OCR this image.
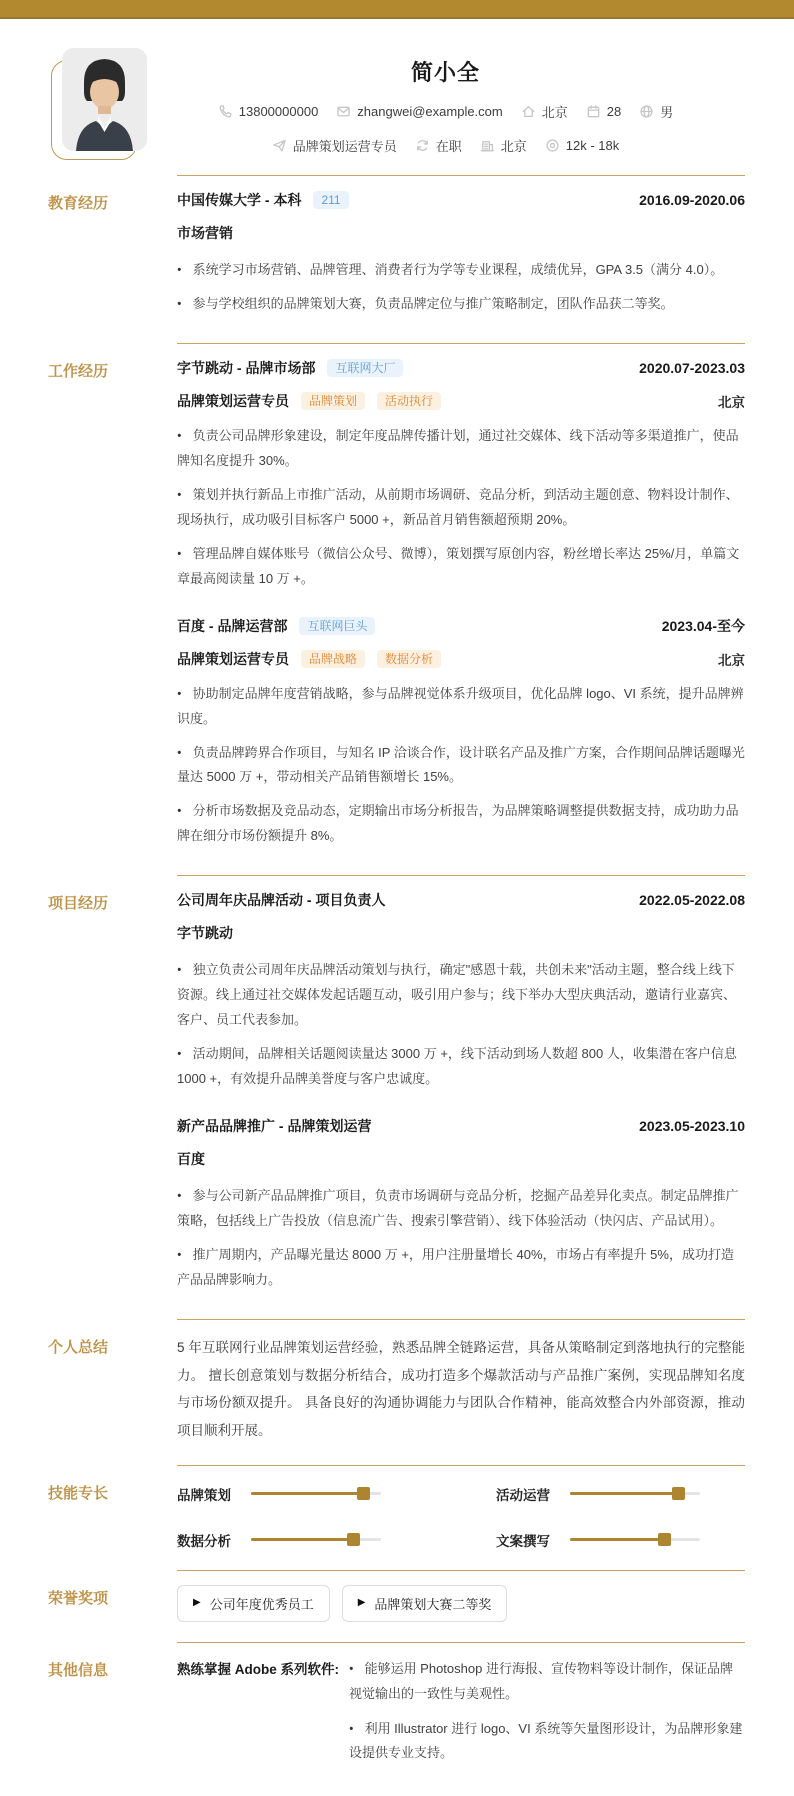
简小全
13800000000	zhangwei@example.com	北京	28	男
品牌策划运营专员	在职	北京	12k - 18k
教育经历	中国传媒大学 - 本科	211	2016.09-2020.06
市场营销
• 系统学习市场营销、品牌管理、消费者行为学等专业课程，成绩优异，GPA 3.5（满分 4.0）。
• 参与学校组织的品牌策划大赛，负责品牌定位与推广策略制定，团队作品获二等奖。
工作经历	字节跳动 - 品牌市场部	互联网大厂	2020.07-2023.03
品牌策划运营专员	品牌策划	活动执行	北京
• 负责公司品牌形象建设，制定年度品牌传播计划，通过社交媒体、线下活动等多渠道推广，使品牌知名度提升 30%。
• 策划并执行新品上市推广活动，从前期市场调研、竞品分析，到活动主题创意、物料设计制作、现场执行，成功吸引目标客户 5000 +，新品首月销售额超预期 20%。
• 管理品牌自媒体账号（微信公众号、微博），策划撰写原创内容，粉丝增长率达 25%/月，单篇文章最高阅读量 10 万 +。
百度 - 品牌运营部	互联网巨头	2023.04-至今
品牌策划运营专员	品牌战略	数据分析	北京
• 协助制定品牌年度营销战略，参与品牌视觉体系升级项目，优化品牌 logo、VI 系统，提升品牌辨识度。
• 负责品牌跨界合作项目，与知名 IP 洽谈合作，设计联名产品及推广方案，合作期间品牌话题曝光量达 5000 万 +，带动相关产品销售额增长 15%。
• 分析市场数据及竞品动态，定期输出市场分析报告，为品牌策略调整提供数据支持，成功助力品牌在细分市场份额提升 8%。
项目经历	公司周年庆品牌活动 - 项目负责人	2022.05-2022.08
字节跳动
• 独立负责公司周年庆品牌活动策划与执行，确定"感恩十载，共创未来"活动主题，整合线上线下资源。线上通过社交媒体发起话题互动，吸引用户参与；线下举办大型庆典活动，邀请行业嘉宾、客户、员工代表参加。
• 活动期间，品牌相关话题阅读量达 3000 万 +，线下活动到场人数超 800 人，收集潜在客户信息 1000 +，有效提升品牌美誉度与客户忠诚度。
新产品品牌推广 - 品牌策划运营	2023.05-2023.10
百度
• 参与公司新产品品牌推广项目，负责市场调研与竞品分析，挖掘产品差异化卖点。制定品牌推广策略，包括线上广告投放（信息流广告、搜索引擎营销）、线下体验活动（快闪店、产品试用）。
• 推广周期内，产品曝光量达 8000 万 +，用户注册量增长 40%，市场占有率提升 5%，成功打造产品品牌影响力。
个人总结	5 年互联网行业品牌策划运营经验，熟悉品牌全链路运营，具备从策略制定到落地执行的完整能力。 擅长创意策划与数据分析结合，成功打造多个爆款活动与产品推广案例，实现品牌知名度与市场份额双提升。 具备良好的沟通协调能力与团队合作精神，能高效整合内外部资源，推动项目顺利开展。
技能专长	品牌策划	活动运营
数据分析	文案撰写
荣誉奖项	▶ 公司年度优秀员工	▶ 品牌策划大赛二等奖
其他信息	熟练掌握 Adobe 系列软件: • 能够运用 Photoshop 进行海报、宣传物料等设计制作，保证品牌视觉输出的一致性与美观性。
• 利用 Illustrator 进行 logo、VI 系统等矢量图形设计，为品牌形象建设提供专业支持。
